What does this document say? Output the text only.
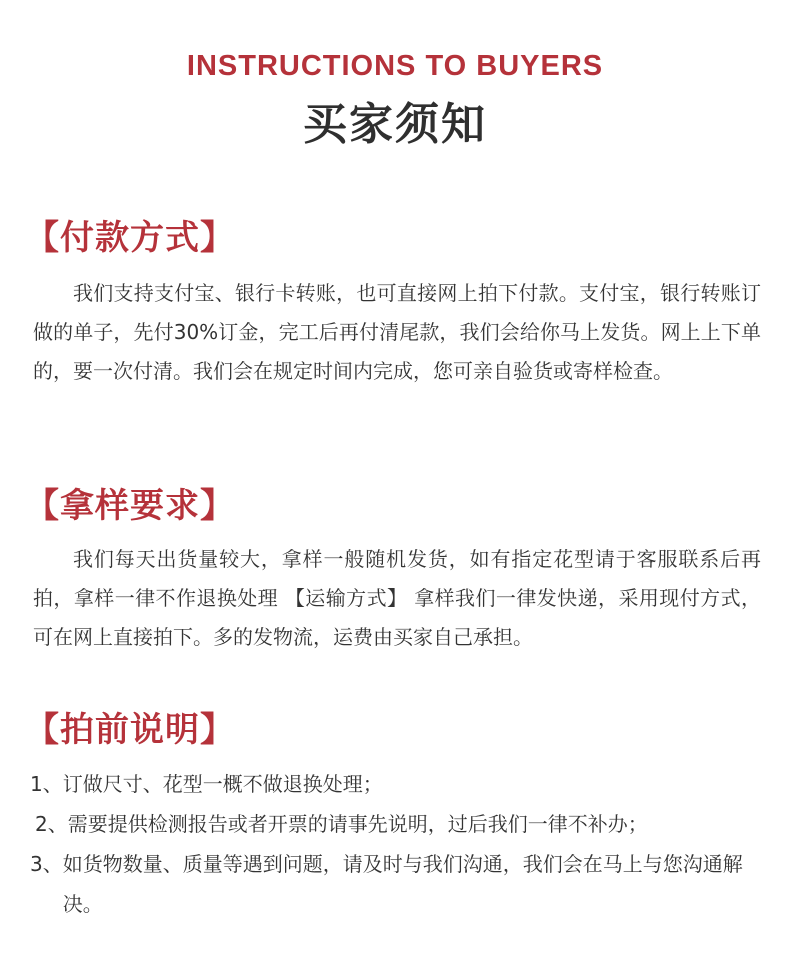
INSTRUCTIONS TO BUYERS
买家须知
【付款方式】

我们支持支付宝、银行卡转账，也可直接网上拍下付款。支付宝，银行转账订做的单子，先付30%订金，完工后再付清尾款，我们会给你马上发货。网上上下单的，要一次付清。我们会在规定时间内完成，您可亲自验货或寄样检查。

【拿样要求】

我们每天出货量较大，拿样一般随机发货，如有指定花型请于客服联系后再拍，拿样一律不作退换处理 【运输方式】 拿样我们一律发快递，采用现付方式，可在网上直接拍下。多的发物流，运费由买家自己承担。

【拍前说明】
1、 订做尺寸、花型一概不做退换处理；
2、 需要提供检测报告或者开票的请事先说明，过后我们一律不补办；
3、 如货物数量、质量等遇到问题，请及时与我们沟通，我们会在马上与您沟通解决。
